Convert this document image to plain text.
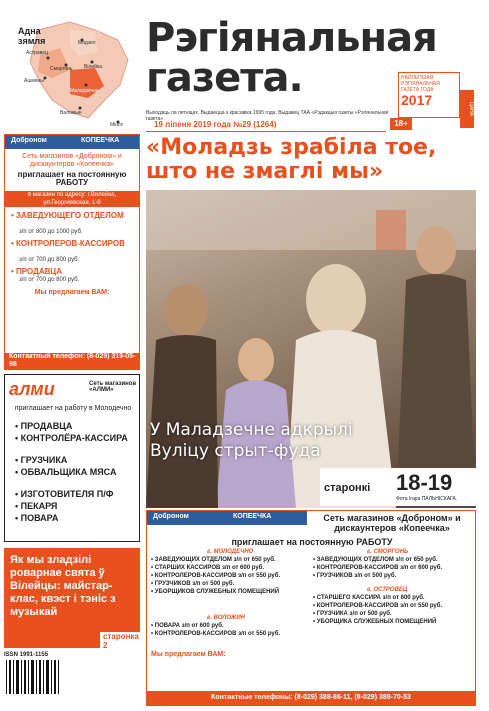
Адна
зямля	Мядзел
Астравец
Смаргонь Вілейка
Ашмяны
Маладзечна
Валожын
Мінск
Рэгіянальная
газета.
Выходзіць па пятніцах. Выдаецца з красавіка 1995 года. Выдавец ТАА «Рэдакцыя газеты «Рэгіянальная газета»
19 ліпеня 2019 года №29 (1264)	18+
НАЙЛЕПШАЯ РЭГІЯНАЛЬНАЯ ГАЗЕТА ГОДА
2017
ЦАНА
«Моладзь зрабіла тое, што не змаглі мы»
У Маладзечне адкрылі
Вуліцу стрыт-фуда
старонкі 18-19
Фота Ігара ПАЛЬНІСКАГА.
Доброном	КОПЕЕЧКА
Сеть магазинов «Доброном» и дискаунтеров «Копеечка»
приглашает на постоянную РАБОТУ
в магазин по адресу: г.Вилейка, ул.Георгиевская, 1-б
• ЗАВЕДУЮЩЕГО ОТДЕЛОМ
з/п от 800 до 1000 руб.
• КОНТРОЛЕРОВ-КАССИРОВ
з/п от 700 до 800 руб.
• ПРОДАВЦА
з/п от 700 до 800 руб.
Мы предлагаем ВАМ:
Контактный телефон: (8-029) 319-05-98
алми	Сеть магазинов «АЛМИ»
приглашает на работу в Молодечно
• ПРОДАВЦА
• КОНТРОЛЁРА-КАССИРА
• ГРУЗЧИКА
• ОБВАЛЬЩИКА МЯСА
• ИЗГОТОВИТЕЛЯ П/Ф
• ПЕКАРЯ
• ПОВАРА
Як мы зладзілі роварнае свята ў Вілейцы: майстар-клас, квэст і тэніс з музыкай
старонка 2
ISSN 1991-1155
Доброном	КОПЕЕЧКА	Сеть магазинов «Доброном» и дискаунтеров «Копеечка»
приглашает на постоянную РАБОТУ
г. МОЛОДЕЧНО
• ЗАВЕДУЮЩИХ ОТДЕЛОМ з/п от 650 руб.
• СТАРШИХ КАССИРОВ з/п от 600 руб.
• КОНТРОЛЕРОВ-КАССИРОВ з/п от 550 руб.
• ГРУЗЧИКОВ з/п от 500 руб.
• УБОРЩИКОВ СЛУЖЕБНЫХ ПОМЕЩЕНИЙ
г. ВОЛОЖИН
• ПОВАРА з/п от 600 руб.
• КОНТРОЛЕРОВ-КАССИРОВ з/п от 550 руб.
г. СМОРГОНЬ
• ЗАВЕДУЮЩИХ ОТДЕЛОМ з/п от 650 руб.
• КОНТРОЛЕРОВ-КАССИРОВ з/п от 600 руб.
• ГРУЗЧИКОВ з/п от 500 руб.
г. ОСТРОВЕЦ
• СТАРШЕГО КАССИРА з/п от 600 руб.
• КОНТРОЛЕРОВ-КАССИРОВ з/п от 550 руб.
• ГРУЗЧИКА з/п от 500 руб.
• УБОРЩИКА СЛУЖЕБНЫХ ПОМЕЩЕНИЙ
Мы предлагаем ВАМ:
Контактные телефоны: (8-029) 388-86-11, (8-029) 388-70-53
